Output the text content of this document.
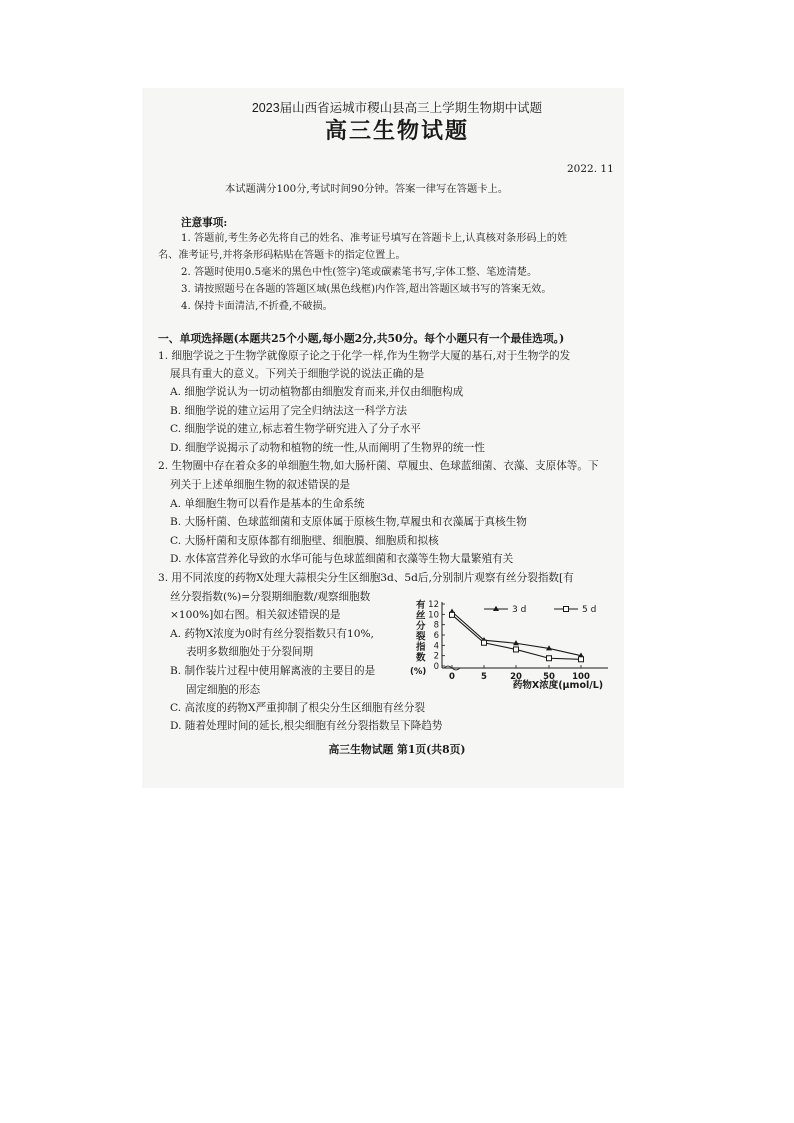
2023届山西省运城市稷山县高三上学期生物期中试题
高三生物试题
2022. 11
本试题满分100分,考试时间90分钟。答案一律写在答题卡上。
注意事项:
1. 答题前,考生务必先将自己的姓名、准考证号填写在答题卡上,认真核对条形码上的姓
名、准考证号,并将条形码粘贴在答题卡的指定位置上。
2. 答题时使用0.5毫米的黑色中性(签字)笔或碳素笔书写,字体工整、笔迹清楚。
3. 请按照题号在各题的答题区域(黑色线框)内作答,超出答题区域书写的答案无效。
4. 保持卡面清洁,不折叠,不破损。
一、单项选择题(本题共25个小题,每小题2分,共50分。每个小题只有一个最佳选项。)
1. 细胞学说之于生物学就像原子论之于化学一样,作为生物学大厦的基石,对于生物学的发
展具有重大的意义。下列关于细胞学说的说法正确的是
A. 细胞学说认为一切动植物都由细胞发育而来,并仅由细胞构成
B. 细胞学说的建立运用了完全归纳法这一科学方法
C. 细胞学说的建立,标志着生物学研究进入了分子水平
D. 细胞学说揭示了动物和植物的统一性,从而阐明了生物界的统一性
2. 生物圈中存在着众多的单细胞生物,如大肠杆菌、草履虫、色球蓝细菌、衣藻、支原体等。下
列关于上述单细胞生物的叙述错误的是
A. 单细胞生物可以看作是基本的生命系统
B. 大肠杆菌、色球蓝细菌和支原体属于原核生物,草履虫和衣藻属于真核生物
C. 大肠杆菌和支原体都有细胞壁、细胞膜、细胞质和拟核
D. 水体富营养化导致的水华可能与色球蓝细菌和衣藻等生物大量繁殖有关
3. 用不同浓度的药物X处理大蒜根尖分生区细胞3d、5d后,分别制片观察有丝分裂指数[有
丝分裂指数(%)=分裂期细胞数/观察细胞数
×100%]如右图。相关叙述错误的是
A. 药物X浓度为0时有丝分裂指数只有10%,
表明多数细胞处于分裂间期
B. 制作装片过程中使用解离液的主要目的是
固定细胞的形态
C. 高浓度的药物X严重抑制了根尖分生区细胞有丝分裂
D. 随着处理时间的延长,根尖细胞有丝分裂指数呈下降趋势
有丝分裂指数(%)
12
10
8
6
4
2
0
0	5	20 50 100
3 d	5 d
药物X浓度(μmol/L)
高三生物试题 第1页(共8页)
